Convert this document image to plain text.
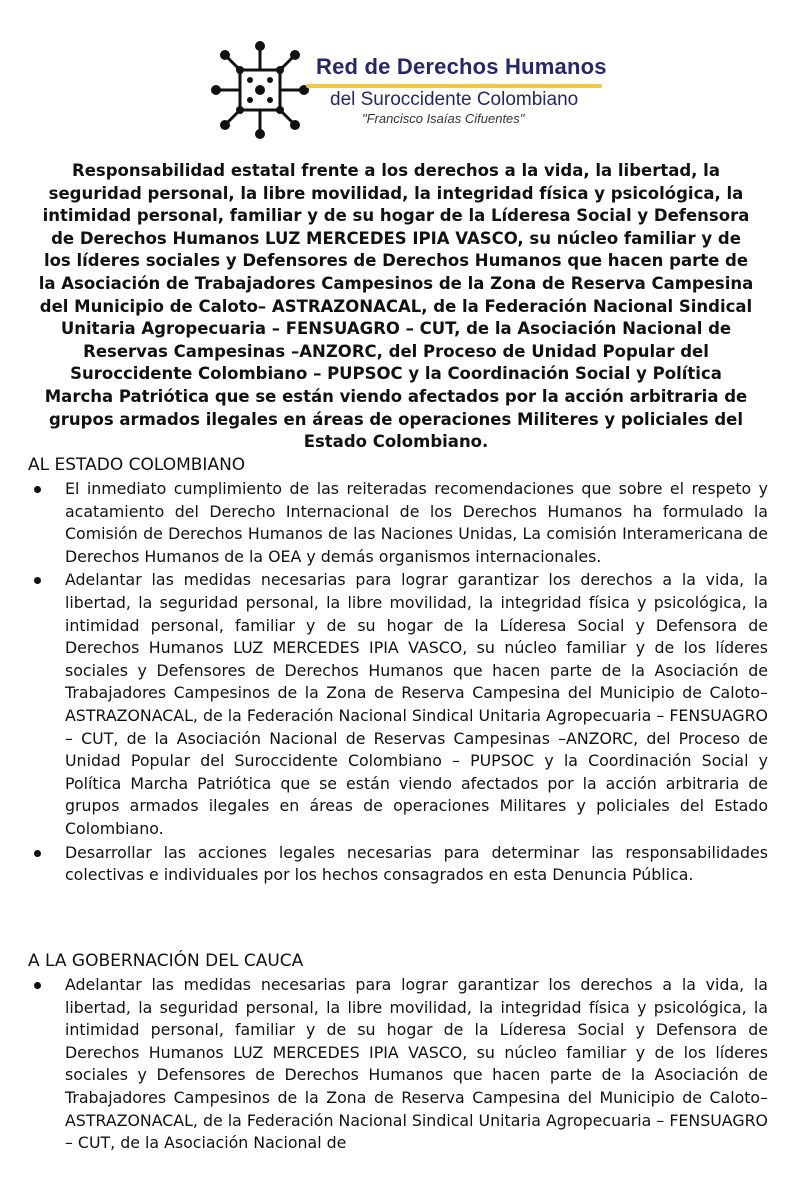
Red de Derechos Humanos
del Suroccidente Colombiano
"Francisco Isaías Cifuentes"
Responsabilidad estatal frente a los derechos a la vida, la libertad, la seguridad personal, la libre movilidad, la integridad física y psicológica, la intimidad personal, familiar y de su hogar de la Líderesa Social y Defensora de Derechos Humanos LUZ MERCEDES IPIA VASCO, su núcleo familiar y de los líderes sociales y Defensores de Derechos Humanos que hacen parte de la Asociación de Trabajadores Campesinos de la Zona de Reserva Campesina del Municipio de Caloto– ASTRAZONACAL, de la Federación Nacional Sindical Unitaria Agropecuaria – FENSUAGRO – CUT, de la Asociación Nacional de Reservas Campesinas –ANZORC, del Proceso de Unidad Popular del Suroccidente Colombiano – PUPSOC y la Coordinación Social y Política Marcha Patriótica que se están viendo afectados por la acción arbitraria de grupos armados ilegales en áreas de operaciones Militeres y policiales del Estado Colombiano.
AL ESTADO COLOMBIANO
El inmediato cumplimiento de las reiteradas recomendaciones que sobre el respeto y acatamiento del Derecho Internacional de los Derechos Humanos ha formulado la Comisión de Derechos Humanos de las Naciones Unidas, La comisión Interamericana de Derechos Humanos de la OEA y demás organismos internacionales.
Adelantar las medidas necesarias para lograr garantizar los derechos a la vida, la libertad, la seguridad personal, la libre movilidad, la integridad física y psicológica, la intimidad personal, familiar y de su hogar de la Líderesa Social y Defensora de Derechos Humanos LUZ MERCEDES IPIA VASCO, su núcleo familiar y de los líderes sociales y Defensores de Derechos Humanos que hacen parte de la Asociación de Trabajadores Campesinos de la Zona de Reserva Campesina del Municipio de Caloto– ASTRAZONACAL, de la Federación Nacional Sindical Unitaria Agropecuaria – FENSUAGRO – CUT, de la Asociación Nacional de Reservas Campesinas –ANZORC, del Proceso de Unidad Popular del Suroccidente Colombiano – PUPSOC y la Coordinación Social y Política Marcha Patriótica que se están viendo afectados por la acción arbitraria de grupos armados ilegales en áreas de operaciones Militares y policiales del Estado Colombiano.
Desarrollar las acciones legales necesarias para determinar las responsabilidades colectivas e individuales por los hechos consagrados en esta Denuncia Pública.
A LA GOBERNACIÓN DEL CAUCA
Adelantar las medidas necesarias para lograr garantizar los derechos a la vida, la libertad, la seguridad personal, la libre movilidad, la integridad física y psicológica, la intimidad personal, familiar y de su hogar de la Líderesa Social y Defensora de Derechos Humanos LUZ MERCEDES IPIA VASCO, su núcleo familiar y de los líderes sociales y Defensores de Derechos Humanos que hacen parte de la Asociación de Trabajadores Campesinos de la Zona de Reserva Campesina del Municipio de Caloto– ASTRAZONACAL, de la Federación Nacional Sindical Unitaria Agropecuaria – FENSUAGRO – CUT, de la Asociación Nacional de
